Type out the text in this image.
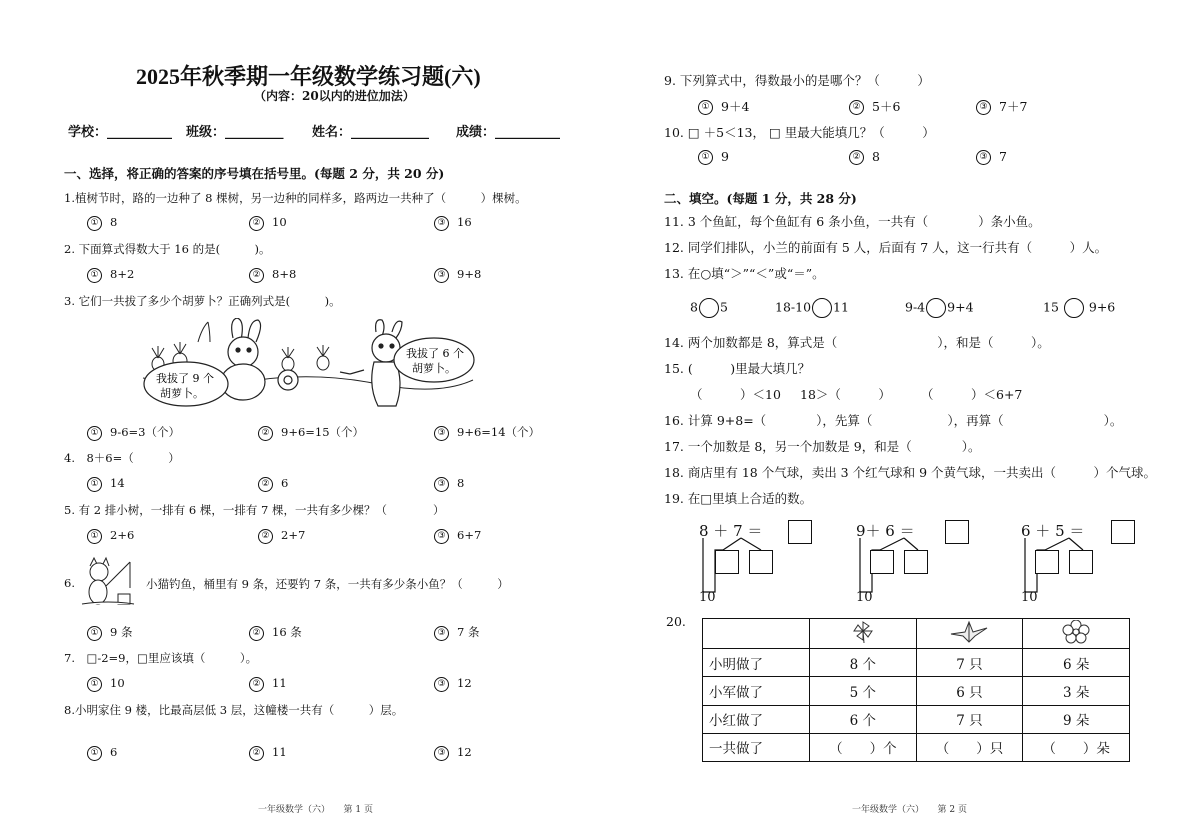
2025年秋季期一年级数学练习题(六)
（内容：20以内的进位加法）
学校：__________ 班级：_________ 姓名：____________ 成绩：__________
一、选择，将正确的答案的序号填在括号里。(每题 2 分，共 20 分)
1.植树节时，路的一边种了 8 棵树，另一边种的同样多，路两边一共种了（　　　）棵树。
① 8	② 10	③ 16
2. 下面算式得数大于 16 的是(　　　)。
① 8+2	② 8+8	③ 9+8
3. 它们一共拔了多少个胡萝卜？正确列式是(　　　)。
我拔了 9 个
胡萝卜。
我拔了 6 个
胡萝卜。
① 9-6=3（个）	② 9+6=15（个）	③ 9+6=14（个）
4.　8＋6=（　　　）
① 14	② 6	③ 8
5. 有 2 排小树，一排有 6 棵，一排有 7 棵，一共有多少棵？（　　　　）
① 2+6	② 2+7	③ 6+7
6.	小猫钓鱼，桶里有 9 条，还要钓 7 条，一共有多少条小鱼？（　　　）
① 9 条	② 16 条	③ 7 条
7.　□-2=9，□里应该填（　　　）。
① 10	② 11	③ 12
8.小明家住 9 楼，比最高层低 3 层，这幢楼一共有（　　　）层。
① 6	② 11	③ 12
一年级数学（六）　　第 1 页
9. 下列算式中，得数最小的是哪个？（　　　）
① 9＋4	② 5＋6	③ 7＋7
10. □ ＋5＜13， □ 里最大能填几？（　　　）
① 9	② 8	③ 7
二、填空。(每题 1 分，共 28 分)
11. 3 个鱼缸，每个鱼缸有 6 条小鱼，一共有（　　　　）条小鱼。
12. 同学们排队，小兰的前面有 5 人，后面有 7 人，这一行共有（　　　）人。
13. 在○填“＞”“＜”或“＝”。
8 5	18-10 11	9-4 9+4	15 9+6
14. 两个加数都是 8，算式是（　　　　　　　　），和是（　　　）。
15. (　　　)里最大填几？
（　　　）＜10 18＞（　　　） （　　　）＜6+7
16. 计算 9+8=（　　　　），先算（　　　　　　），再算（　　　　　　　　）。
17. 一个加数是 8，另一个加数是 9，和是（　　　　）。
18. 商店里有 18 个气球，卖出 3 个红气球和 9 个黄气球，一共卖出（　　　）个气球。
19. 在□里填上合适的数。
8 ＋ 7 ＝
10
9＋ 6 ＝
10
6 ＋ 5 ＝
10
20.

小明做了	8 个	7 只	6 朵
小军做了	5 个	6 只	3 朵
小红做了	6 个	7 只	9 朵
一共做了	（　　）个	（　　）只	（　　）朵
一年级数学（六）　　第 2 页
